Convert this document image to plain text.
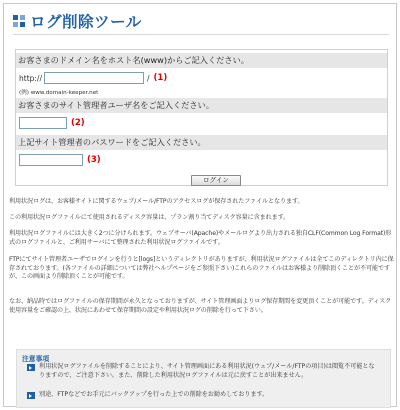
ログ削除ツール
お客さまのドメイン名をホスト名(www)からご記入ください。
http://	/ (1)
(例) www.domain-keeper.net
お客さまのサイト管理者ユーザ名をご記入ください。
(2)
上記サイト管理者のパスワードをご記入ください。
(3)
ログイン

利用状況ログは、お客様サイトに関するウェブ/メール/FTPのアクセスログが保存されたファイルとなります。

この利用状況ログファイルにて使用されるディスク容量は、プラン割り当てディスク容量に含まれます。

利用状況ログファイルには大きく2つに分けられます。ウェブサーバ(Apache)やメールログより出力される独自CLF(Common Log Format)形式のログファイルと、ご利用サーバにて整理された利用状況ログファイルです。

FTPにてサイト管理者ユーザでログインを行うと[logs]というディレクトリがありますが、利用状況ログファイルは全てこのディレクトリ内に保存されております。(各ファイルの詳細については弊社ヘルプページをご参照下さい)これらのファイルはお客様より削除頂くことが不可能ですが、この画面より削除頂くことが可能です。

なお、納品時ではログファイルの保存期間が永久となっておりますが、サイト管理画面よりログ保存期間を変更頂くことが可能です。ディスク使用容量をご確認の上、状況にあわせて保存期間の設定や利用状況ログの削除を行って下さい。

注意事項
利用状況ログファイルを削除することにより、サイト管理画面にある利用状況(ウェブ/メール/FTPの項目)は閲覧不可能となりますので、ご注意下さい。また、削除した利用状況ログファイルは元に戻すことが出来ません。
別途、FTPなどでお手元にバックアップを行った上での削除をお勧めしております。
